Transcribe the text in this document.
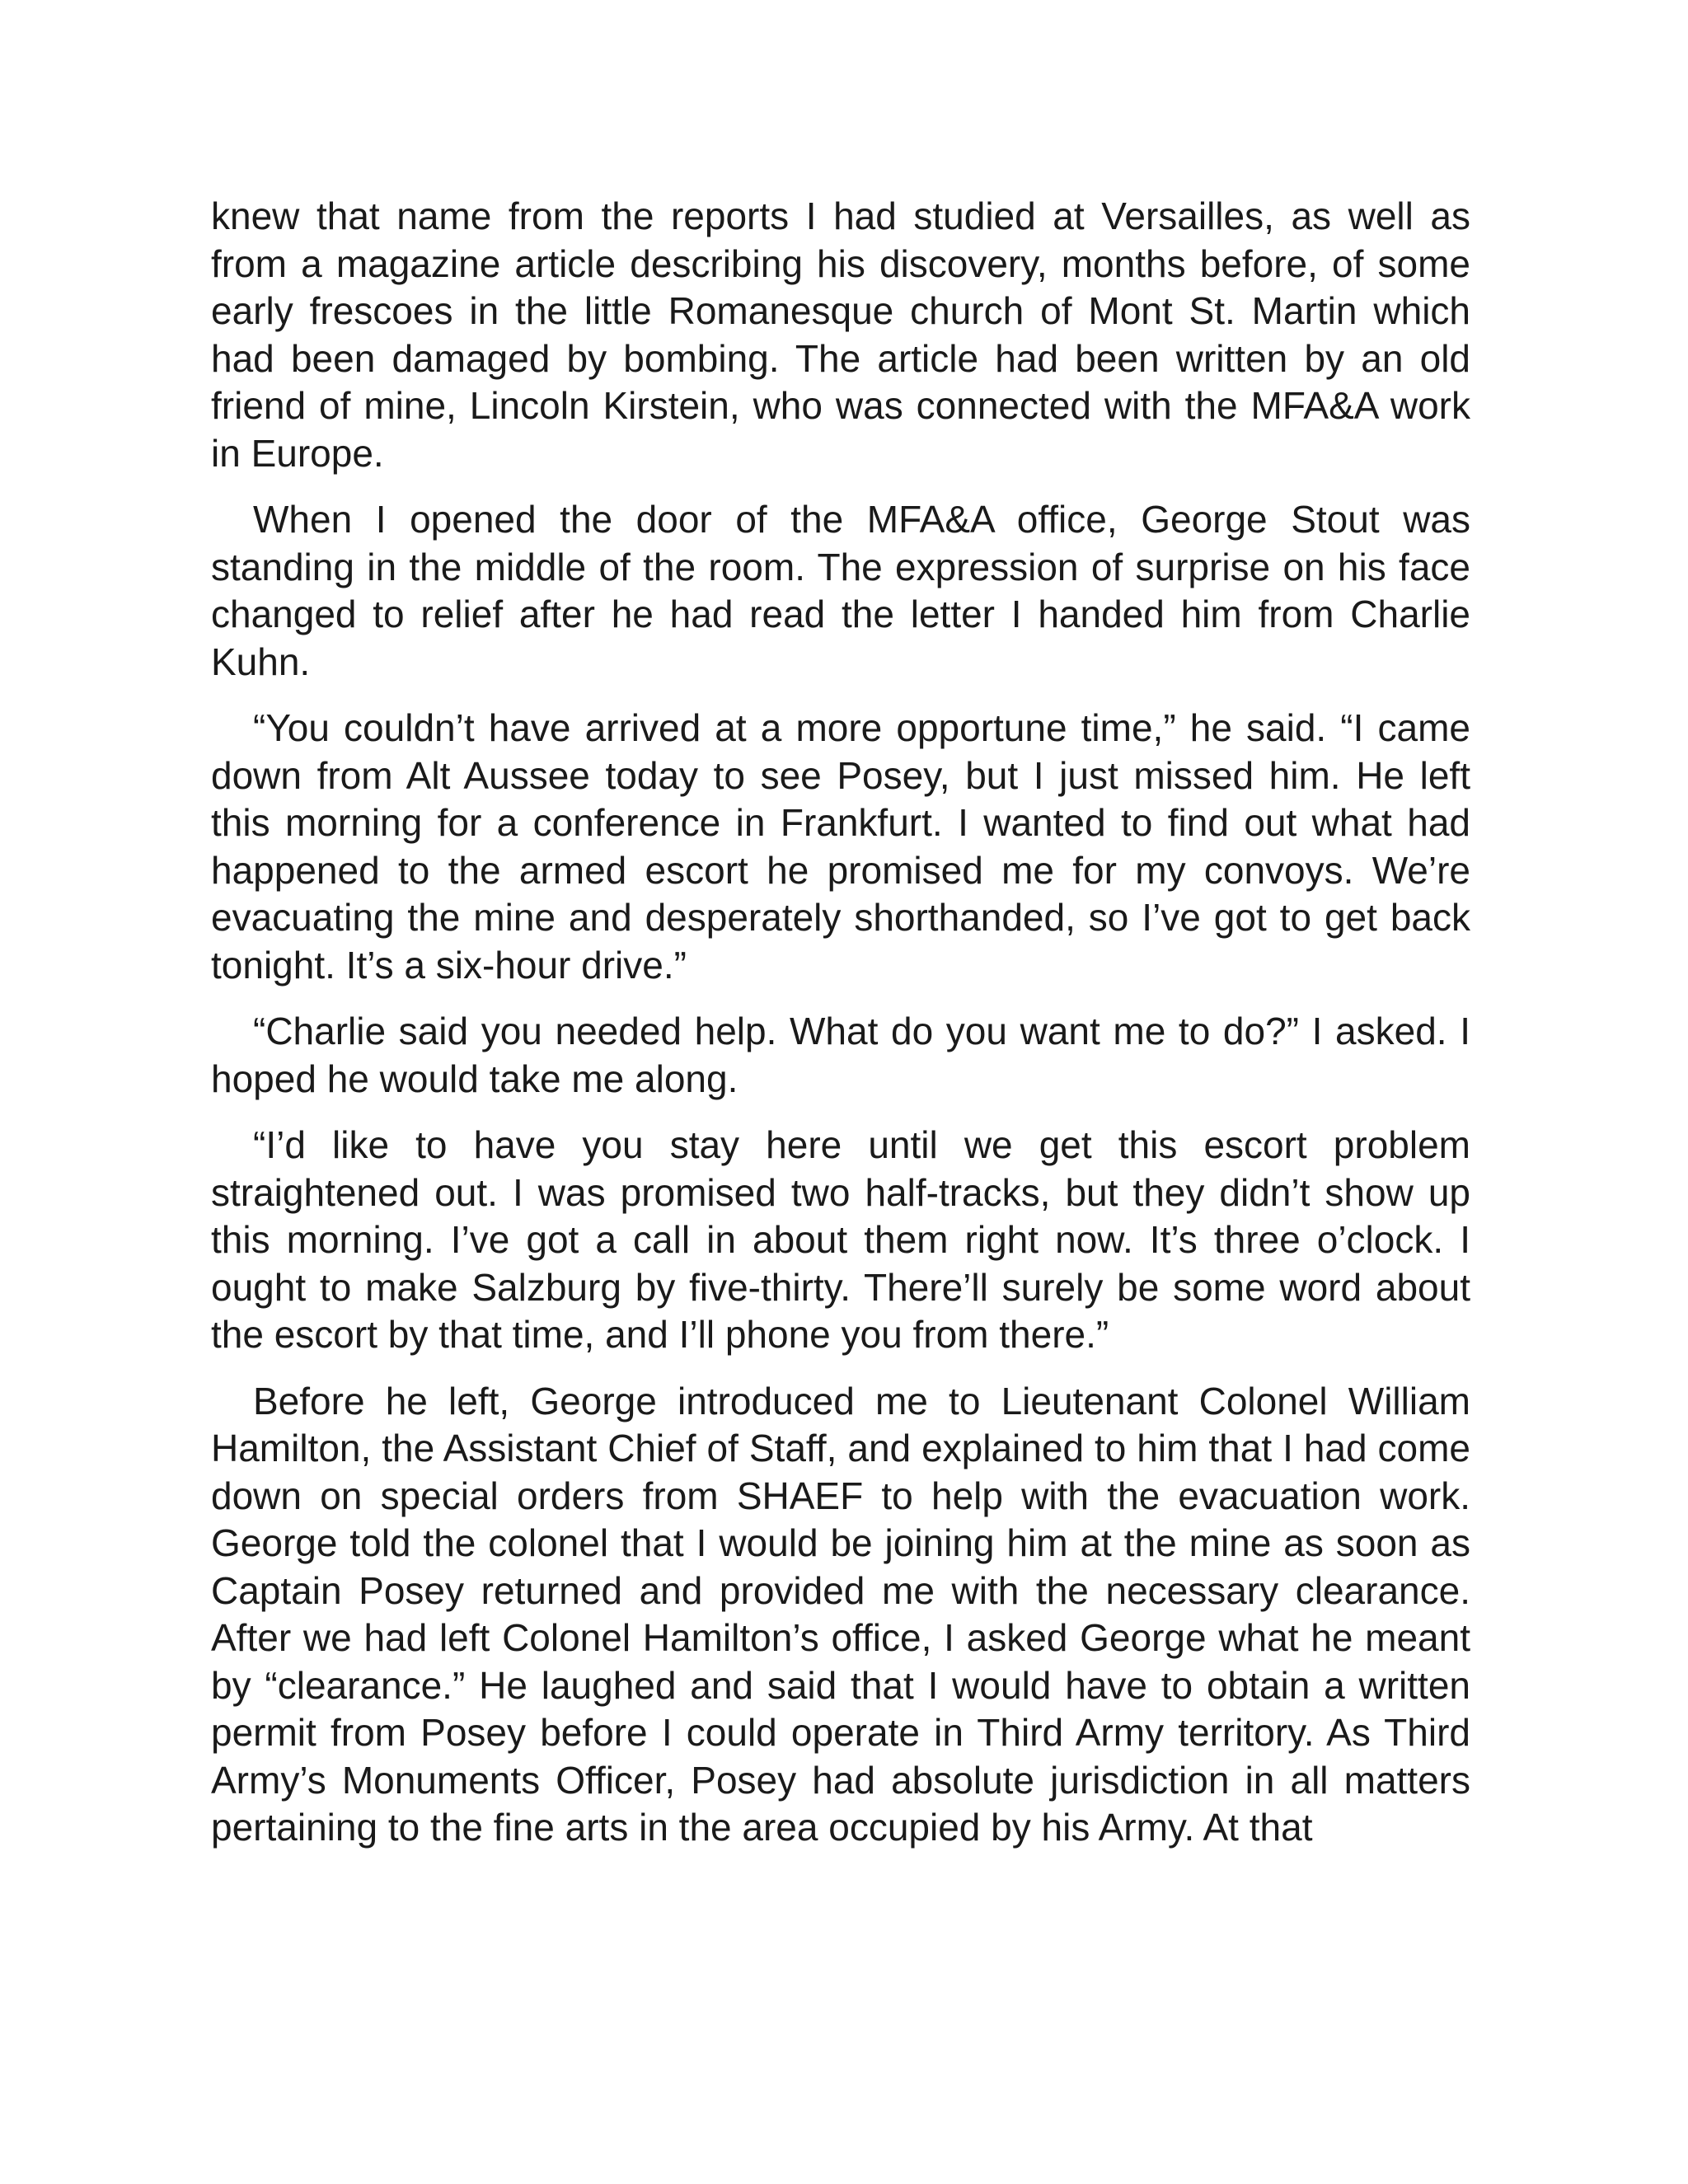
knew that name from the reports I had studied at Versailles, as well as from a magazine article describing his discovery, months before, of some early frescoes in the little Romanesque church of Mont St. Martin which had been damaged by bombing. The article had been written by an old friend of mine, Lincoln Kirstein, who was connected with the MFA&A work in Europe.

When I opened the door of the MFA&A office, George Stout was standing in the middle of the room. The expression of surprise on his face changed to relief after he had read the letter I handed him from Charlie Kuhn.

“You couldn’t have arrived at a more opportune time,” he said. “I came down from Alt Aussee today to see Posey, but I just missed him. He left this morning for a conference in Frankfurt. I wanted to find out what had happened to the armed escort he promised me for my convoys. We’re evacuating the mine and desperately shorthanded, so I’ve got to get back tonight. It’s a six-hour drive.”

“Charlie said you needed help. What do you want me to do?” I asked. I hoped he would take me along.

“I’d like to have you stay here until we get this escort problem straightened out. I was promised two half-tracks, but they didn’t show up this morning. I’ve got a call in about them right now. It’s three o’clock. I ought to make Salzburg by five-thirty. There’ll surely be some word about the escort by that time, and I’ll phone you from there.”

Before he left, George introduced me to Lieutenant Colonel William Hamilton, the Assistant Chief of Staff, and explained to him that I had come down on special orders from SHAEF to help with the evacuation work. George told the colonel that I would be joining him at the mine as soon as Captain Posey returned and provided me with the necessary clearance. After we had left Colonel Hamilton’s office, I asked George what he meant by “clearance.” He laughed and said that I would have to obtain a written permit from Posey before I could operate in Third Army territory. As Third Army’s Monuments Officer, Posey had absolute jurisdiction in all matters pertaining to the fine arts in the area occupied by his Army. At that
